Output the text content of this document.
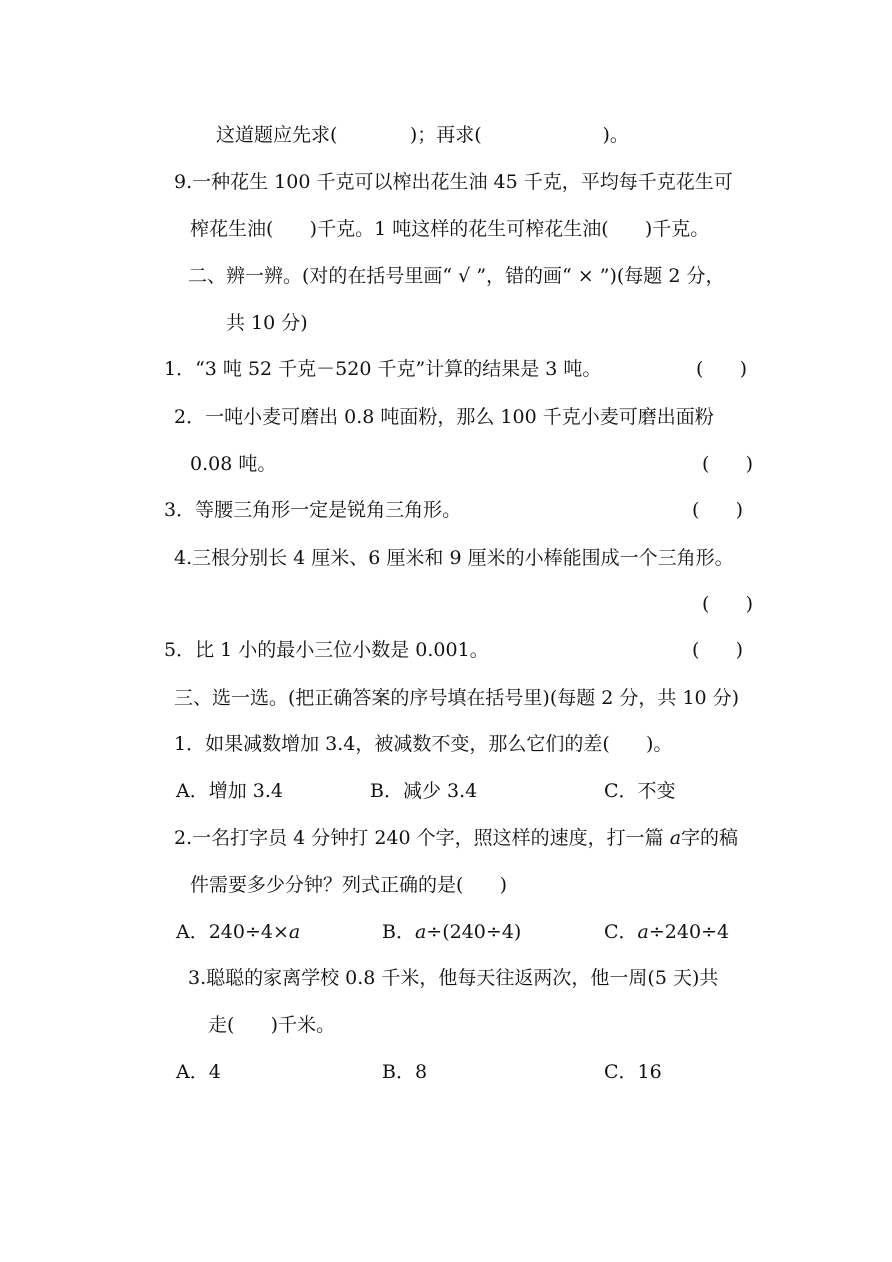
这道题应先求(            )；再求(                    )。
9.一种花生 100 千克可以榨出花生油 45 千克，平均每千克花生可
榨花生油(      )千克。1 吨这样的花生可榨花生油(      )千克。
二、辨一辨。(对的在括号里画“ √ ”，错的画“ × ”)(每题 2 分，
共 10 分)
1．“3 吨 52 千克－520 千克”计算的结果是 3 吨。	(      )
2．一吨小麦可磨出 0.8 吨面粉，那么 100 千克小麦可磨出面粉
0.08 吨。	(      )
3．等腰三角形一定是锐角三角形。	(      )
4.三根分别长 4 厘米、6 厘米和 9 厘米的小棒能围成一个三角形。
(      )
5．比 1 小的最小三位小数是 0.001。	(      )
三、选一选。(把正确答案的序号填在括号里)(每题 2 分，共 10 分)
1．如果减数增加 3.4，被减数不变，那么它们的差(      )。
A．增加 3.4	B．减少 3.4	C．不变
2.一名打字员 4 分钟打 240 个字，照这样的速度，打一篇 a字的稿
件需要多少分钟？列式正确的是(      )
A．240÷4×a	B．a÷(240÷4)	C．a÷240÷4
3.聪聪的家离学校 0.8 千米，他每天往返两次，他一周(5 天)共
走(      )千米。
A．4	B．8	C．16
